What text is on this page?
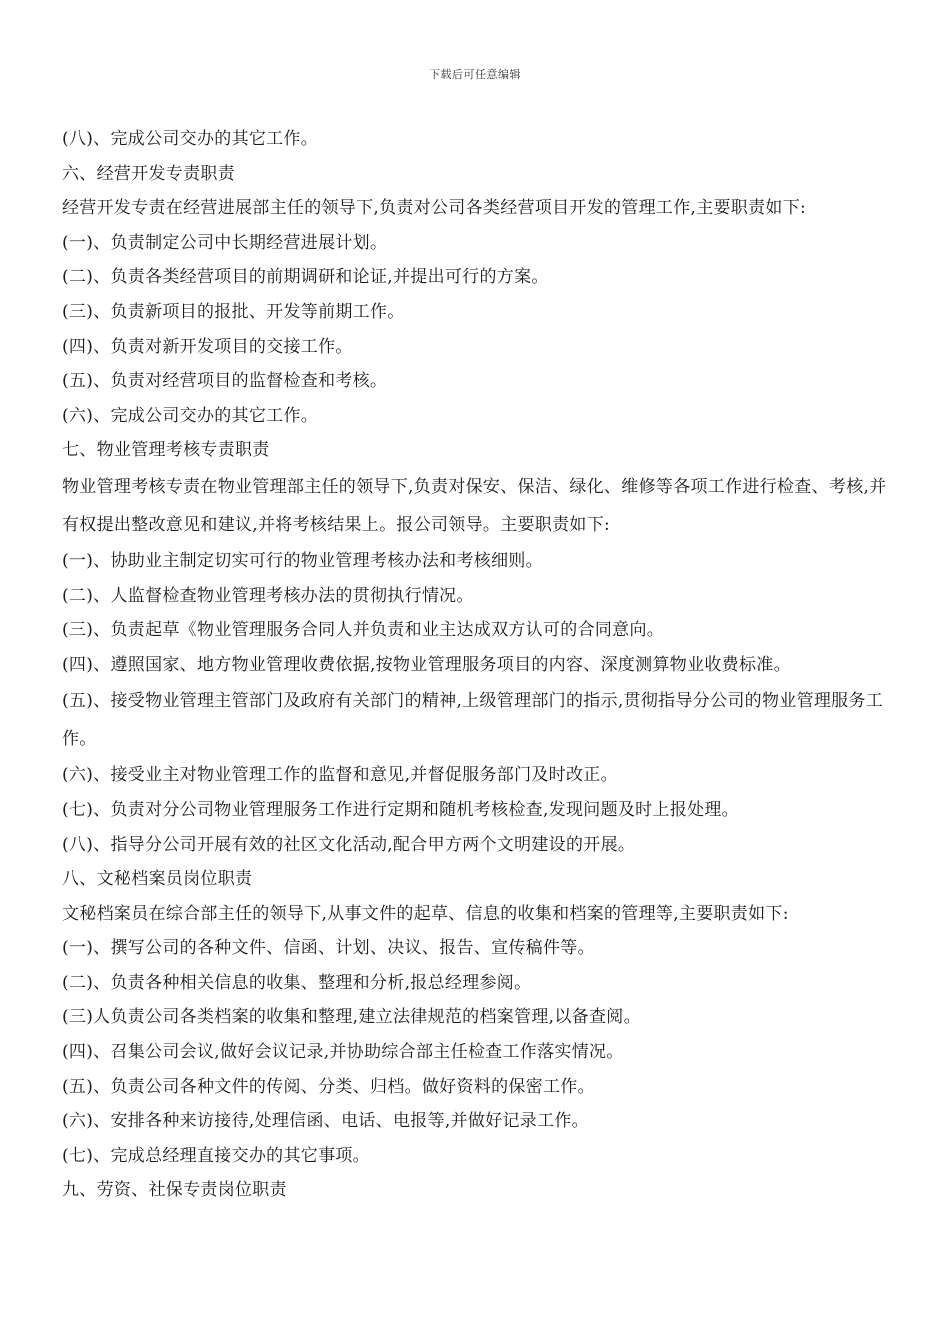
下载后可任意编辑
(八)、完成公司交办的其它工作。
六、经营开发专责职责
经营开发专责在经营进展部主任的领导下,负责对公司各类经营项目开发的管理工作,主要职责如下:
(一)、负责制定公司中长期经营进展计划。
(二)、负责各类经营项目的前期调研和论证,并提出可行的方案。
(三)、负责新项目的报批、开发等前期工作。
(四)、负责对新开发项目的交接工作。
(五)、负责对经营项目的监督检查和考核。
(六)、完成公司交办的其它工作。
七、物业管理考核专责职责
物业管理考核专责在物业管理部主任的领导下,负责对保安、保洁、绿化、维修等各项工作进行检查、考核,并有权提出整改意见和建议,并将考核结果上。报公司领导。主要职责如下:
(一)、协助业主制定切实可行的物业管理考核办法和考核细则。
(二)、人监督检查物业管理考核办法的贯彻执行情况。
(三)、负责起草《物业管理服务合同人并负责和业主达成双方认可的合同意向。
(四)、遵照国家、地方物业管理收费依据,按物业管理服务项目的内容、深度测算物业收费标准。
(五)、接受物业管理主管部门及政府有关部门的精神,上级管理部门的指示,贯彻指导分公司的物业管理服务工作。
(六)、接受业主对物业管理工作的监督和意见,并督促服务部门及时改正。
(七)、负责对分公司物业管理服务工作进行定期和随机考核检查,发现问题及时上报处理。
(八)、指导分公司开展有效的社区文化活动,配合甲方两个文明建设的开展。
八、文秘档案员岗位职责
文秘档案员在综合部主任的领导下,从事文件的起草、信息的收集和档案的管理等,主要职责如下:
(一)、撰写公司的各种文件、信函、计划、决议、报告、宣传稿件等。
(二)、负责各种相关信息的收集、整理和分析,报总经理参阅。
(三)人负责公司各类档案的收集和整理,建立法律规范的档案管理,以备查阅。
(四)、召集公司会议,做好会议记录,并协助综合部主任检查工作落实情况。
(五)、负责公司各种文件的传阅、分类、归档。做好资料的保密工作。
(六)、安排各种来访接待,处理信函、电话、电报等,并做好记录工作。
(七)、完成总经理直接交办的其它事项。
九、劳资、社保专责岗位职责
